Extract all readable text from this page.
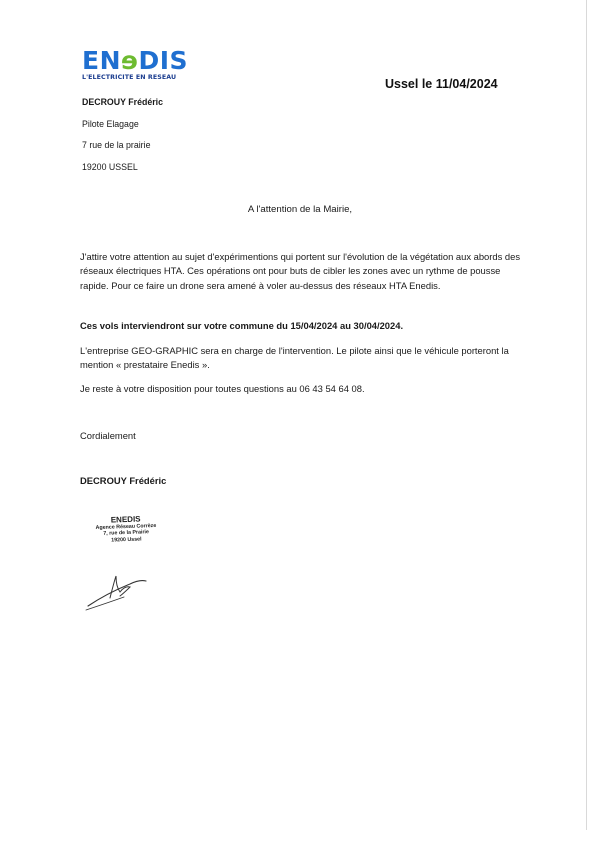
ENɘDIS
L'ELECTRICITE EN RESEAU	Ussel le 11/04/2024
DECROUY Frédéric
Pilote Elagage
7 rue de la prairie
19200 USSEL
A l'attention de la Mairie,
J'attire votre attention au sujet d'expérimentions qui portent sur l'évolution de la végétation aux abords des réseaux électriques HTA. Ces opérations ont pour buts de cibler les zones avec un rythme de pousse rapide. Pour ce faire un drone sera amené à voler au-dessus des réseaux HTA Enedis.
Ces vols interviendront sur votre commune du 15/04/2024 au 30/04/2024.
L'entreprise GEO-GRAPHIC sera en charge de l'intervention. Le pilote ainsi que le véhicule porteront la mention « prestataire Enedis ».
Je reste à votre disposition pour toutes questions au 06 43 54 64 08.
Cordialement
DECROUY Frédéric
ENEDIS
Agence Réseau Corrèze
7, rue de la Prairie
19200 Ussel
